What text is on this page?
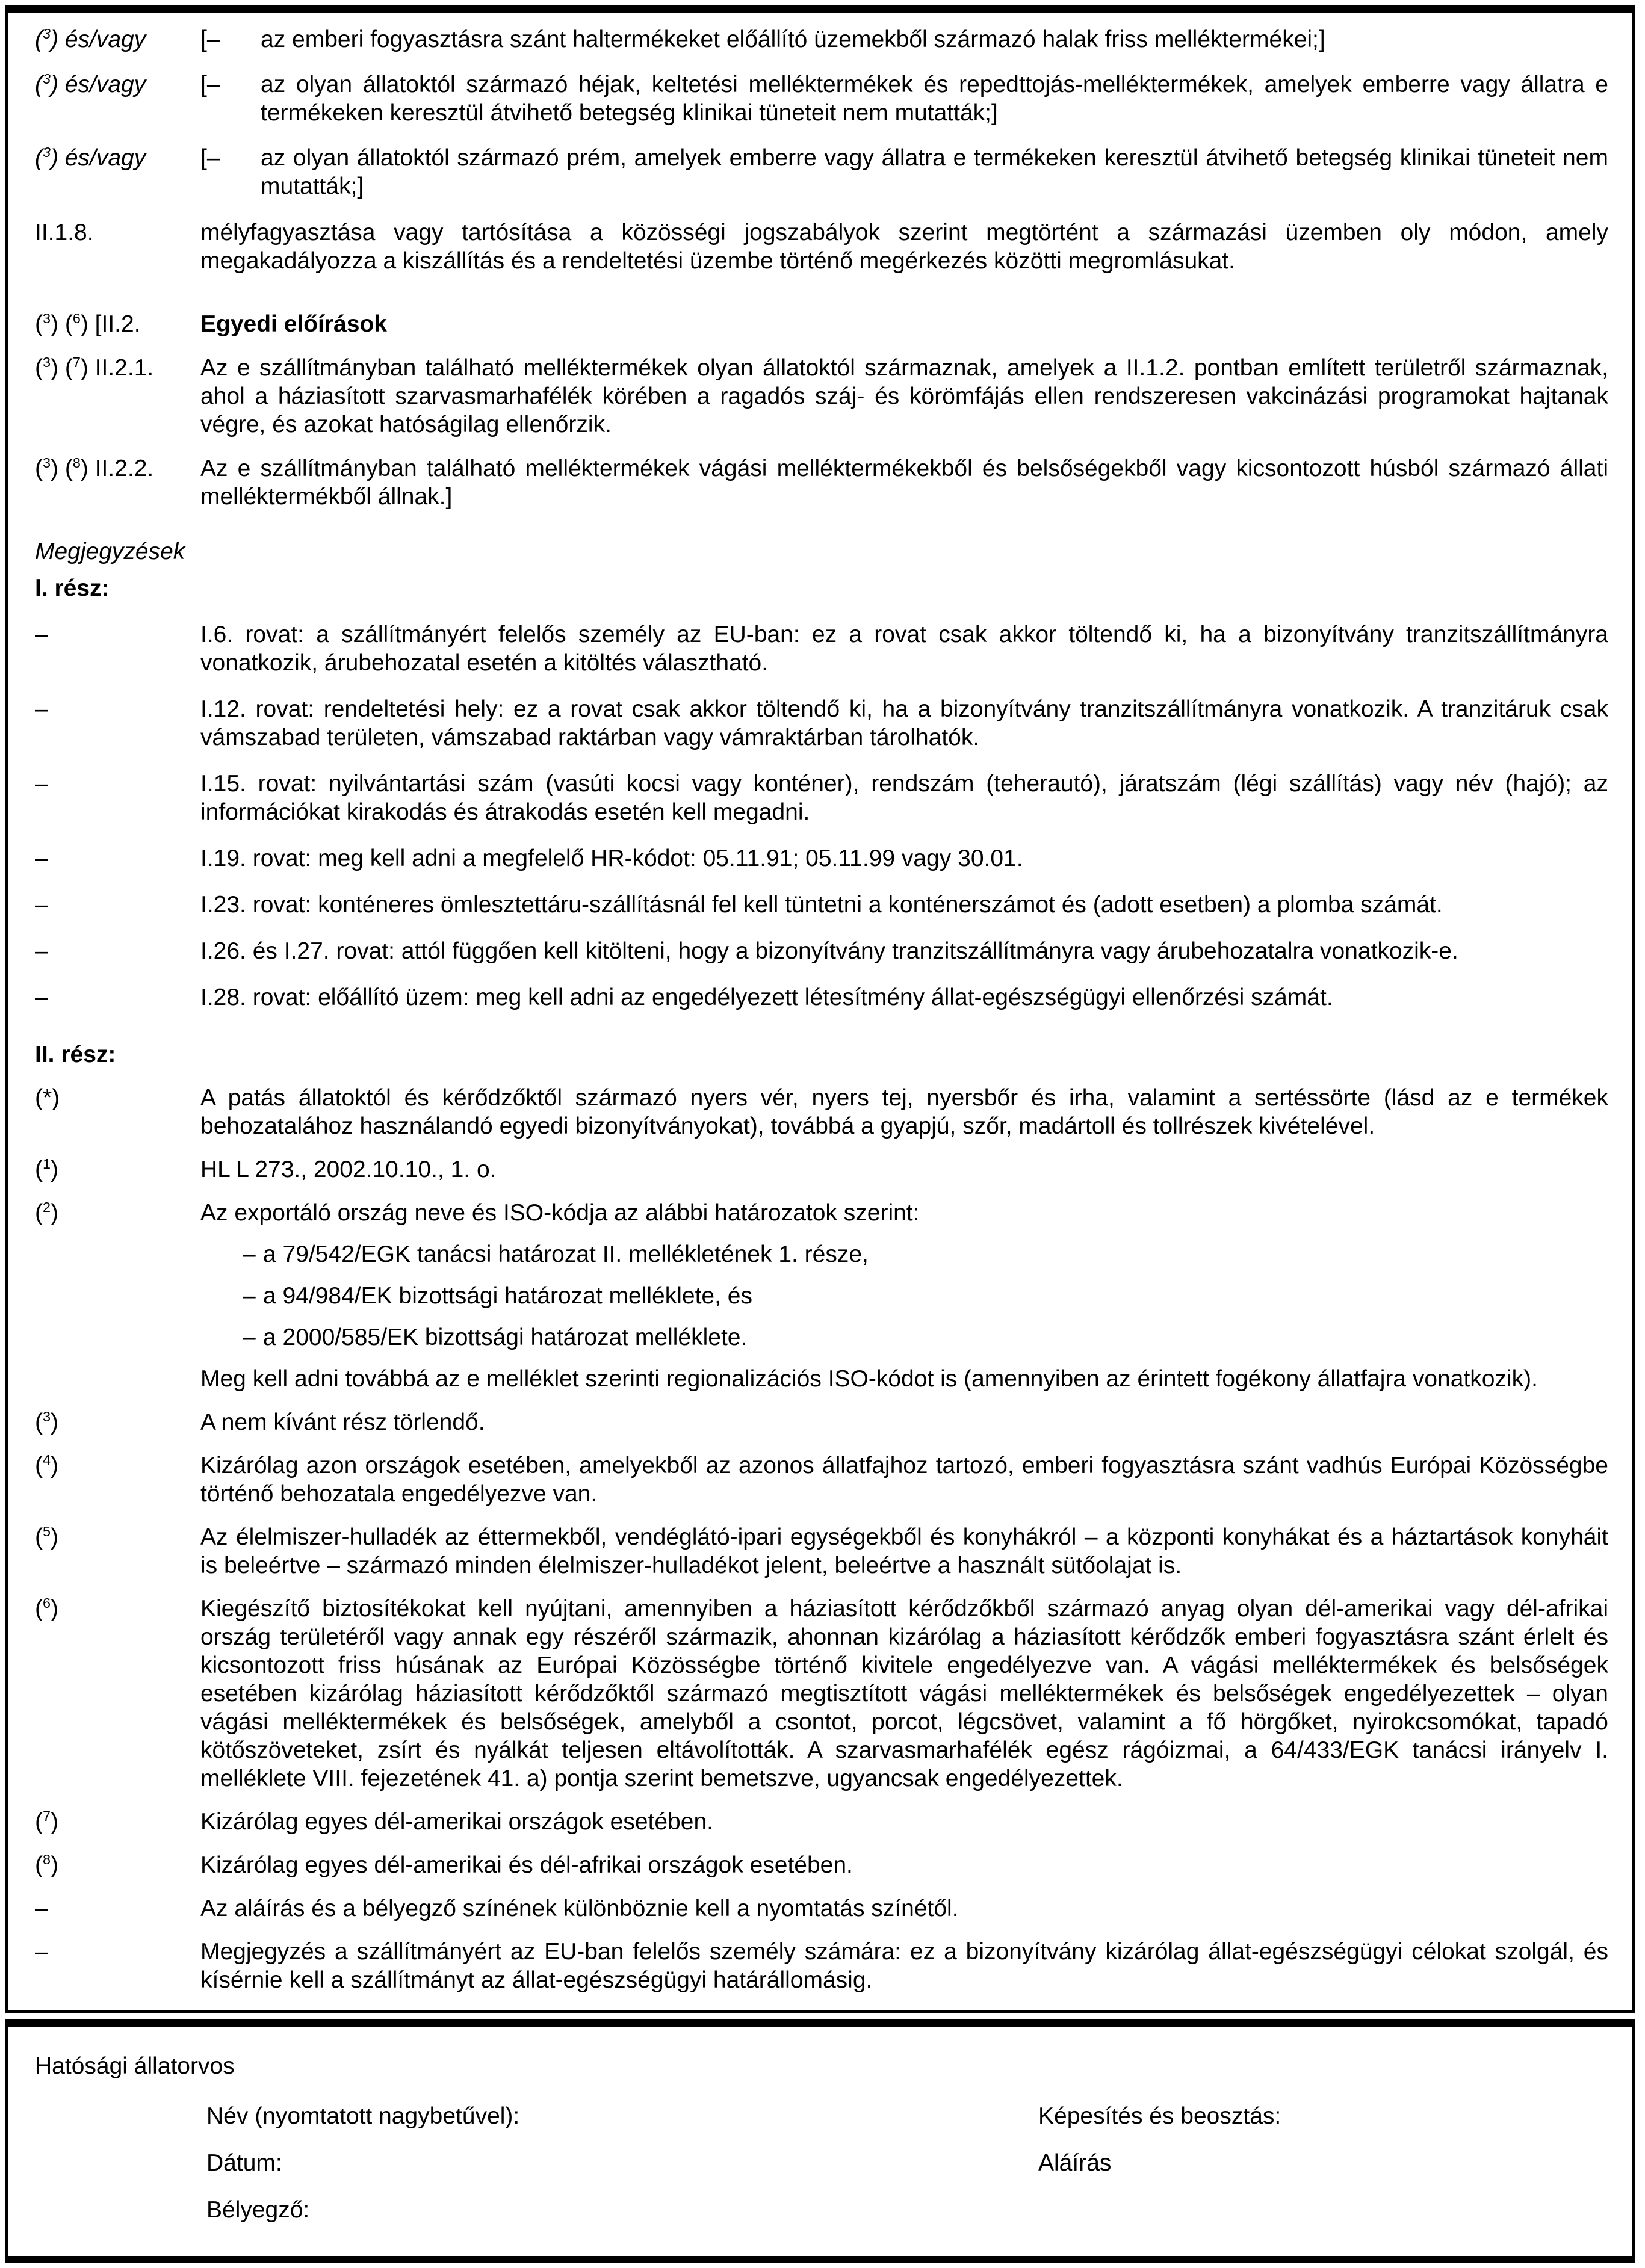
($^3$) és/vagy [– az emberi fogyasztásra szánt haltermékeket előállító üzemekből származó halak friss melléktermékei;]
($^3$) és/vagy [– az olyan állatoktól származó héjak, keltetési melléktermékek és repedttojás-melléktermékek, amelyek emberre vagy állatra e termékeken keresztül átvihető betegség klinikai tüneteit nem mutatták;]
($^3$) és/vagy [– az olyan állatoktól származó prém, amelyek emberre vagy állatra e termékeken keresztül átvihető betegség klinikai tüneteit nem mutatták;]
II.1.8.	mélyfagyasztása vagy tartósítása a közösségi jogszabályok szerint megtörtént a származási üzemben oly módon, amely megakadályozza a kiszállítás és a rendeltetési üzembe történő megérkezés közötti megromlásukat.
($^3$) ($^6$) [II.2.	Egyedi előírások
($^3$) ($^7$) II.2.1. Az e szállítmányban található melléktermékek olyan állatoktól származnak, amelyek a II.1.2. pontban említett területről származnak, ahol a háziasított szarvasmarhafélék körében a ragadós száj- és körömfájás ellen rendszeresen vakcinázási programokat hajtanak végre, és azokat hatóságilag ellenőrzik.
($^3$) ($^8$) II.2.2. Az e szállítmányban található melléktermékek vágási melléktermékekből és belsőségekből vagy kicsontozott húsból származó állati melléktermékből állnak.]
Megjegyzések
I. rész:
–	I.6. rovat: a szállítmányért felelős személy az EU-ban: ez a rovat csak akkor töltendő ki, ha a bizonyítvány tranzitszállítmányra vonatkozik, árubehozatal esetén a kitöltés választható.
–	I.12. rovat: rendeltetési hely: ez a rovat csak akkor töltendő ki, ha a bizonyítvány tranzitszállítmányra vonatkozik. A tranzitáruk csak vámszabad területen, vámszabad raktárban vagy vámraktárban tárolhatók.
–	I.15. rovat: nyilvántartási szám (vasúti kocsi vagy konténer), rendszám (teherautó), járatszám (légi szállítás) vagy név (hajó); az információkat kirakodás és átrakodás esetén kell megadni.
–	I.19. rovat: meg kell adni a megfelelő HR-kódot: 05.11.91; 05.11.99 vagy 30.01.
–	I.23. rovat: konténeres ömlesztettáru-szállításnál fel kell tüntetni a konténerszámot és (adott esetben) a plomba számát.
–	I.26. és I.27. rovat: attól függően kell kitölteni, hogy a bizonyítvány tranzitszállítmányra vagy árubehozatalra vonatkozik-e.
–	I.28. rovat: előállító üzem: meg kell adni az engedélyezett létesítmény állat-egészségügyi ellenőrzési számát.
II. rész:
(*)	A patás állatoktól és kérődzőktől származó nyers vér, nyers tej, nyersbőr és irha, valamint a sertéssörte (lásd az e termékek behozatalához használandó egyedi bizonyítványokat), továbbá a gyapjú, szőr, madártoll és tollrészek kivételével.
($^1$)	HL L 273., 2002.10.10., 1. o.
($^2$)	Az exportáló ország neve és ISO-kódja az alábbi határozatok szerint:
– a 79/542/EGK tanácsi határozat II. mellékletének 1. része,
– a 94/984/EK bizottsági határozat melléklete, és
– a 2000/585/EK bizottsági határozat melléklete.
Meg kell adni továbbá az e melléklet szerinti regionalizációs ISO-kódot is (amennyiben az érintett fogékony állatfajra vonatkozik).
($^3$)	A nem kívánt rész törlendő.
($^4$)	Kizárólag azon országok esetében, amelyekből az azonos állatfajhoz tartozó, emberi fogyasztásra szánt vadhús Európai Közösségbe történő behozatala engedélyezve van.
($^5$)	Az élelmiszer-hulladék az éttermekből, vendéglátó-ipari egységekből és konyhákról – a központi konyhákat és a háztartások konyháit is beleértve – származó minden élelmiszer-hulladékot jelent, beleértve a használt sütőolajat is.
($^6$)	Kiegészítő biztosítékokat kell nyújtani, amennyiben a háziasított kérődzőkből származó anyag olyan dél-amerikai vagy dél-afrikai ország területéről vagy annak egy részéről származik, ahonnan kizárólag a háziasított kérődzők emberi fogyasztásra szánt érlelt és kicsontozott friss húsának az Európai Közösségbe történő kivitele engedélyezve van. A vágási melléktermékek és belsőségek esetében kizárólag háziasított kérődzőktől származó megtisztított vágási melléktermékek és belsőségek engedélyezettek – olyan vágási melléktermékek és belsőségek, amelyből a csontot, porcot, légcsövet, valamint a fő hörgőket, nyirokcsomókat, tapadó kötőszöveteket, zsírt és nyálkát teljesen eltávolították. A szarvasmarhafélék egész rágóizmai, a 64/433/EGK tanácsi irányelv I. melléklete VIII. fejezetének 41. a) pontja szerint bemetszve, ugyancsak engedélyezettek.
($^7$)	Kizárólag egyes dél-amerikai országok esetében.
($^8$)	Kizárólag egyes dél-amerikai és dél-afrikai országok esetében.
–	Az aláírás és a bélyegző színének különböznie kell a nyomtatás színétől.
–	Megjegyzés a szállítmányért az EU-ban felelős személy számára: ez a bizonyítvány kizárólag állat-egészségügyi célokat szolgál, és kísérnie kell a szállítmányt az állat-egészségügyi határállomásig.
Hatósági állatorvos
Név (nyomtatott nagybetűvel):	Képesítés és beosztás:
Dátum:	Aláírás
Bélyegző:
